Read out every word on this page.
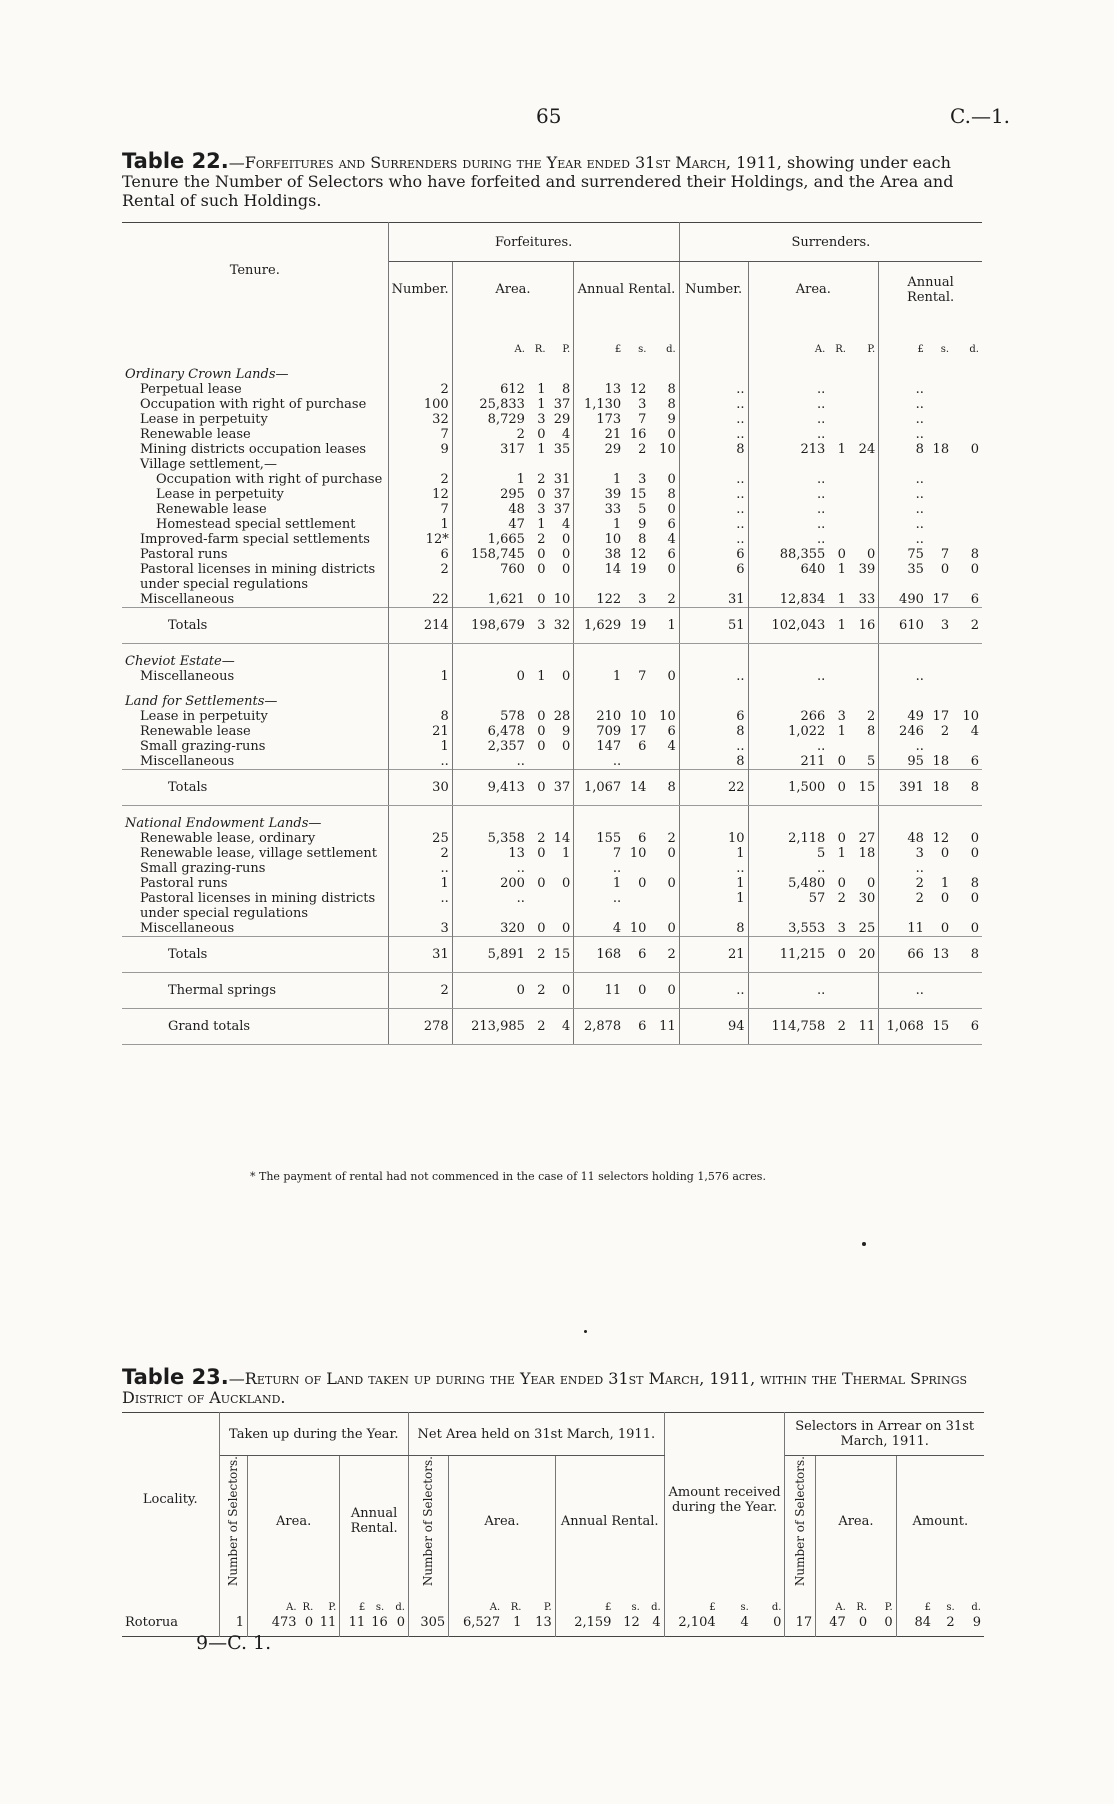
65	C.—1.
Table 22.—Forfeitures and Surrenders during the Year ended 31st March, 1911, showing under each Tenure the Number of Selectors who have forfeited and surrendered their Holdings, and the Area and Rental of such Holdings.
Tenure.	Forfeitures.							Surrenders.						
	Number.	Area.			Annual Rental.			Number.	Area.			Annual Rental.		
		A.	R.	P.	£	s.	d.		A.	R.	P.	£	s.	d.
Ordinary Crown Lands—														
Perpetual lease	2	612	1	8	13	12	8	..	..			..		
Occupation with right of purchase	100	25,833	1	37	1,130	3	8	..	..			..		
Lease in perpetuity	32	8,729	3	29	173	7	9	..	..			..		
Renewable lease	7	2	0	4	21	16	0	..	..			..		
Mining districts occupation leases	9	317	1	35	29	2	10	8	213	1	24	8	18	0
Village settlement,—														
Occupation with right of purchase	2	1	2	31	1	3	0	..	..			..		
Lease in perpetuity	12	295	0	37	39	15	8	..	..			..		
Renewable lease	7	48	3	37	33	5	0	..	..			..		
Homestead special settlement	1	47	1	4	1	9	6	..	..			..		
Improved-farm special settlements	12*	1,665	2	0	10	8	4	..	..			..		
Pastoral runs	6	158,745	0	0	38	12	6	6	88,355	0	0	75	7	8
Pastoral licenses in mining districts under special regulations	2	760	0	0	14	19	0	6	640	1	39	35	0	0
Miscellaneous	22	1,621	0	10	122	3	2	31	12,834	1	33	490	17	6
Totals	214	198,679	3	32	1,629	19	1	51	102,043	1	16	610	3	2
Cheviot Estate—														
Miscellaneous	1	0	1	0	1	7	0	..	..			..		
Land for Settlements—														
Lease in perpetuity	8	578	0	28	210	10	10	6	266	3	2	49	17	10
Renewable lease	21	6,478	0	9	709	17	6	8	1,022	1	8	246	2	4
Small grazing-runs	1	2,357	0	0	147	6	4	..	..			..		
Miscellaneous	..	..			..			8	211	0	5	95	18	6
Totals	30	9,413	0	37	1,067	14	8	22	1,500	0	15	391	18	8
National Endowment Lands—														
Renewable lease, ordinary	25	5,358	2	14	155	6	2	10	2,118	0	27	48	12	0
Renewable lease, village settlement	2	13	0	1	7	10	0	1	5	1	18	3	0	0
Small grazing-runs	..	..			..			..	..			..		
Pastoral runs	1	200	0	0	1	0	0	1	5,480	0	0	2	1	8
Pastoral licenses in mining districts under special regulations	..	..			..			1	57	2	30	2	0	0
Miscellaneous	3	320	0	0	4	10	0	8	3,553	3	25	11	0	0
Totals	31	5,891	2	15	168	6	2	21	11,215	0	20	66	13	8
Thermal springs	2	0	2	0	11	0	0	..	..			..		
Grand totals	278	213,985	2	4	2,878	6	11	94	114,758	2	11	1,068	15	6
* The payment of rental had not commenced in the case of 11 selectors holding 1,576 acres.
Table 23.—Return of Land taken up during the Year ended 31st March, 1911, within the Thermal Springs District of Auckland.
Locality.	Taken up during the Year.							Net Area held on 31st March, 1911.							Amount received during the Year.			Selectors in Arrear on 31st March, 1911.						

	Number of Selectors.	Area.			Annual Rental.			Number of Selectors.	Area.			Annual Rental.						Number of Selectors.	Area.			Amount.		
		A.	R.	P.	£	s.	d.		A.	R.	P.	£	s.	d.	£	s.	d.		A.	R.	P.	£	s.	d.
Rotorua	1	473	0	11	11	16	0	305	6,527	1	13	2,159	12	4	2,104	4	0	17	47	0	0	84	2	9
9—C. 1.
